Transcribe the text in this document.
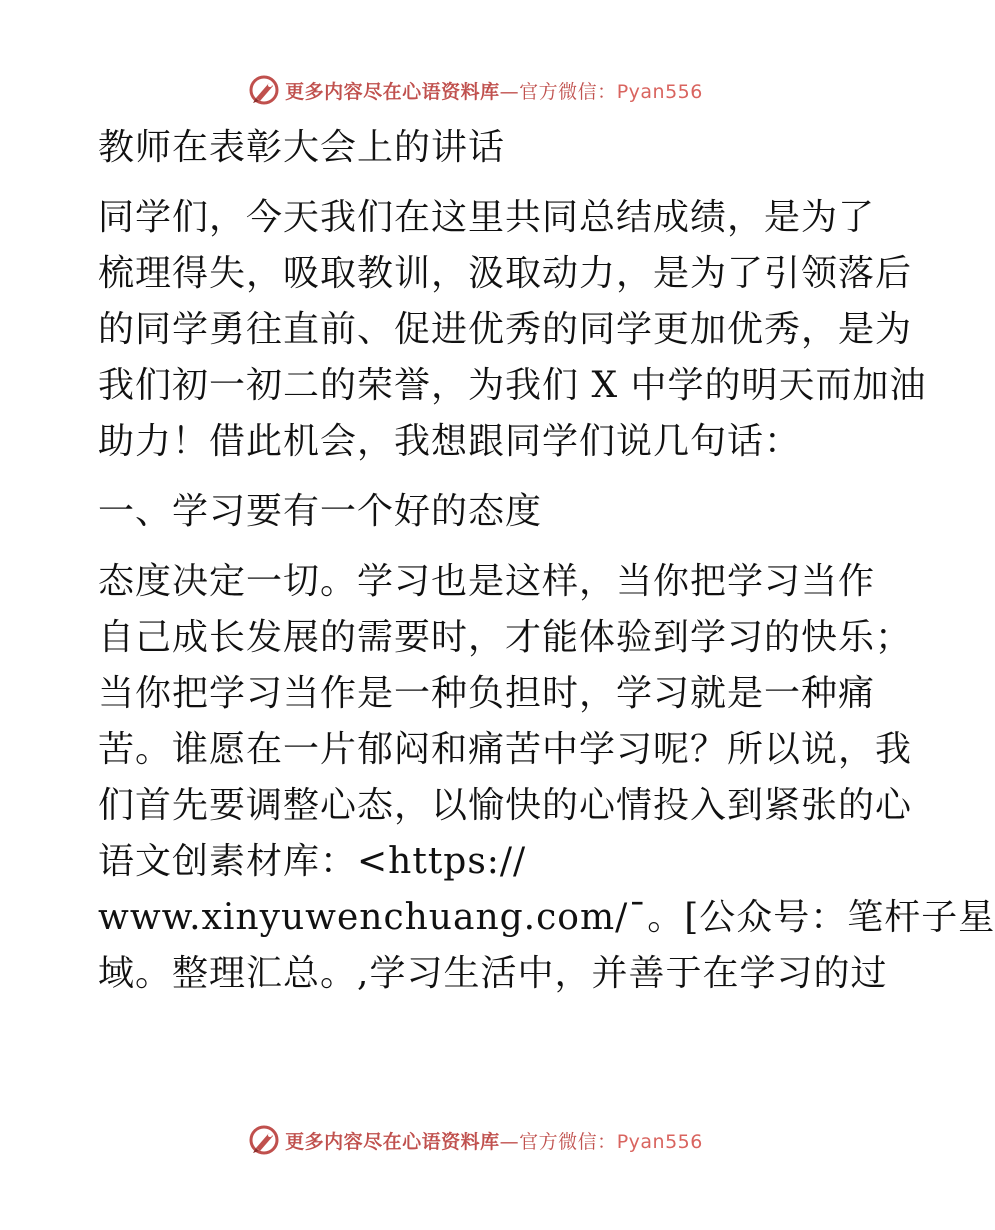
更多内容尽在心语资料库—官方微信：Pyan556
教师在表彰大会上的讲话
同学们，今天我们在这里共同总结成绩，是为了
梳理得失，吸取教训，汲取动力，是为了引领落后
的同学勇往直前、促进优秀的同学更加优秀，是为
我们初一初二的荣誉，为我们 X 中学的明天而加油
助力！借此机会，我想跟同学们说几句话：
一、学习要有一个好的态度
态度决定一切。学习也是这样，当你把学习当作
自己成长发展的需要时，才能体验到学习的快乐；
当你把学习当作是一种负担时，学习就是一种痛
苦。谁愿在一片郁闷和痛苦中学习呢？所以说，我
们首先要调整心态，以愉快的心情投入到紧张的心
语文创素材库：<https://
www.xinyuwenchuang.com/¯。[公众号：笔杆子星
域。整理汇总。,学习生活中，并善于在学习的过
更多内容尽在心语资料库—官方微信：Pyan556
